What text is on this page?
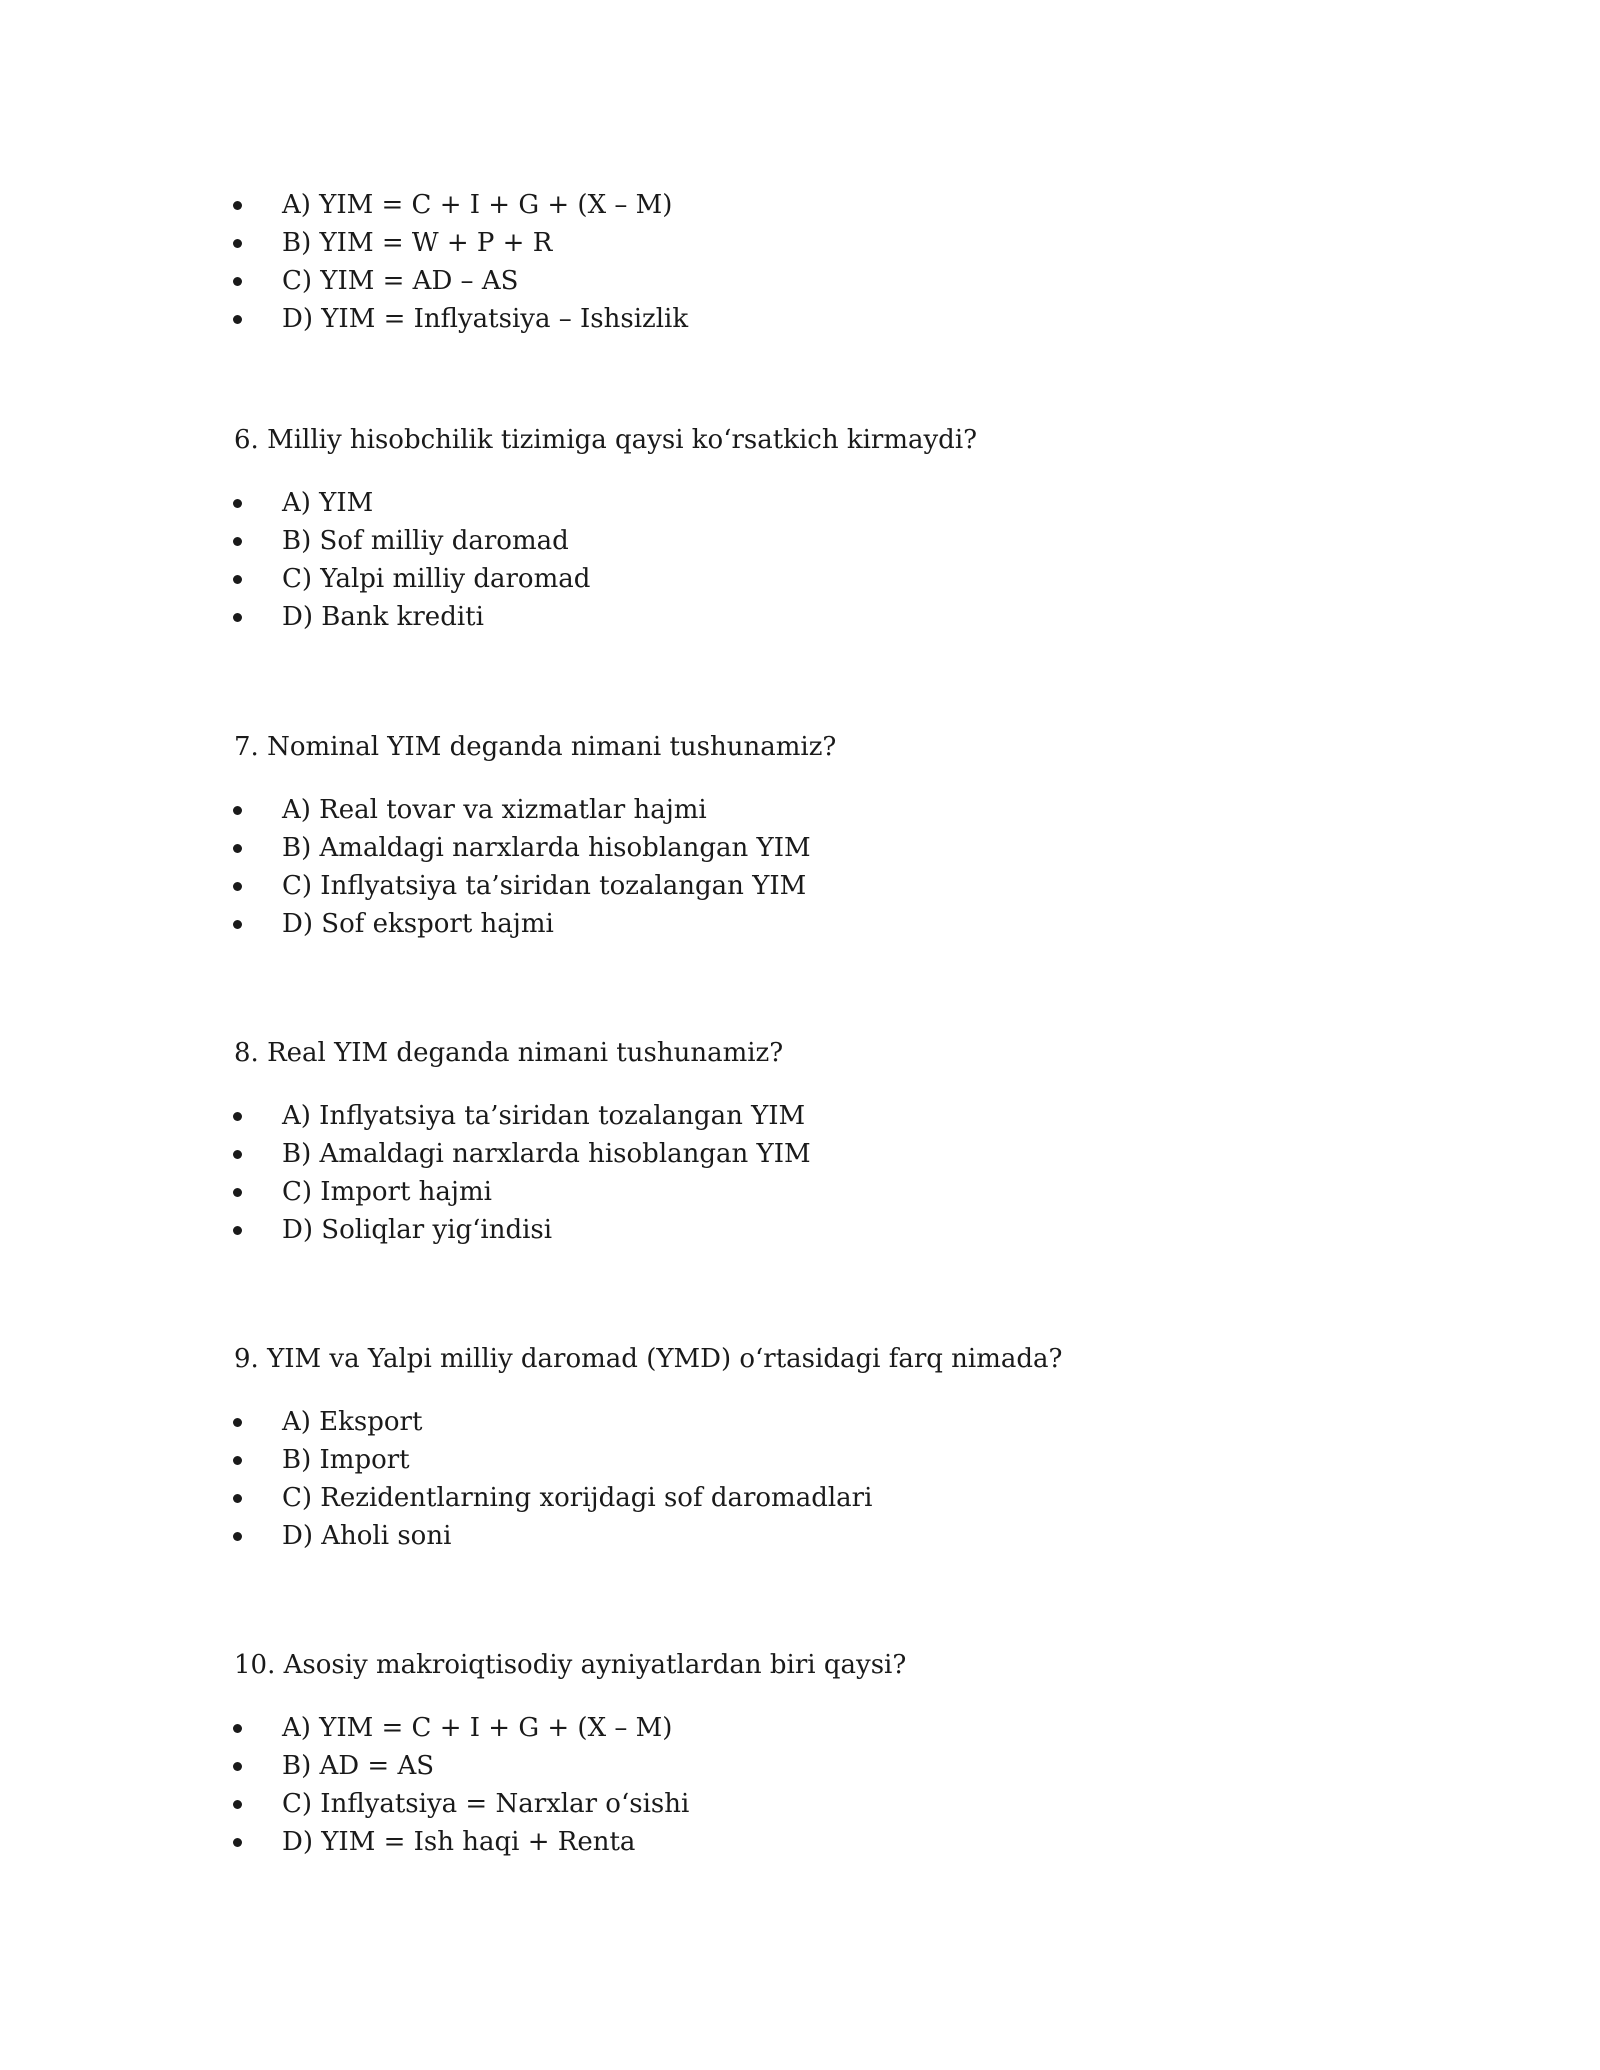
A) YIM = C + I + G + (X – M)
B) YIM = W + P + R
C) YIM = AD – AS
D) YIM = Inflyatsiya – Ishsizlik

6. Milliy hisobchilik tizimiga qaysi ko‘rsatkich kirmaydi?

A) YIM
B) Sof milliy daromad
C) Yalpi milliy daromad
D) Bank krediti

7. Nominal YIM deganda nimani tushunamiz?

A) Real tovar va xizmatlar hajmi
B) Amaldagi narxlarda hisoblangan YIM
C) Inflyatsiya ta’siridan tozalangan YIM
D) Sof eksport hajmi

8. Real YIM deganda nimani tushunamiz?

A) Inflyatsiya ta’siridan tozalangan YIM
B) Amaldagi narxlarda hisoblangan YIM
C) Import hajmi
D) Soliqlar yig‘indisi

9. YIM va Yalpi milliy daromad (YMD) o‘rtasidagi farq nimada?

A) Eksport
B) Import
C) Rezidentlarning xorijdagi sof daromadlari
D) Aholi soni

10. Asosiy makroiqtisodiy ayniyatlardan biri qaysi?

A) YIM = C + I + G + (X – M)
B) AD = AS
C) Inflyatsiya = Narxlar o‘sishi
D) YIM = Ish haqi + Renta
